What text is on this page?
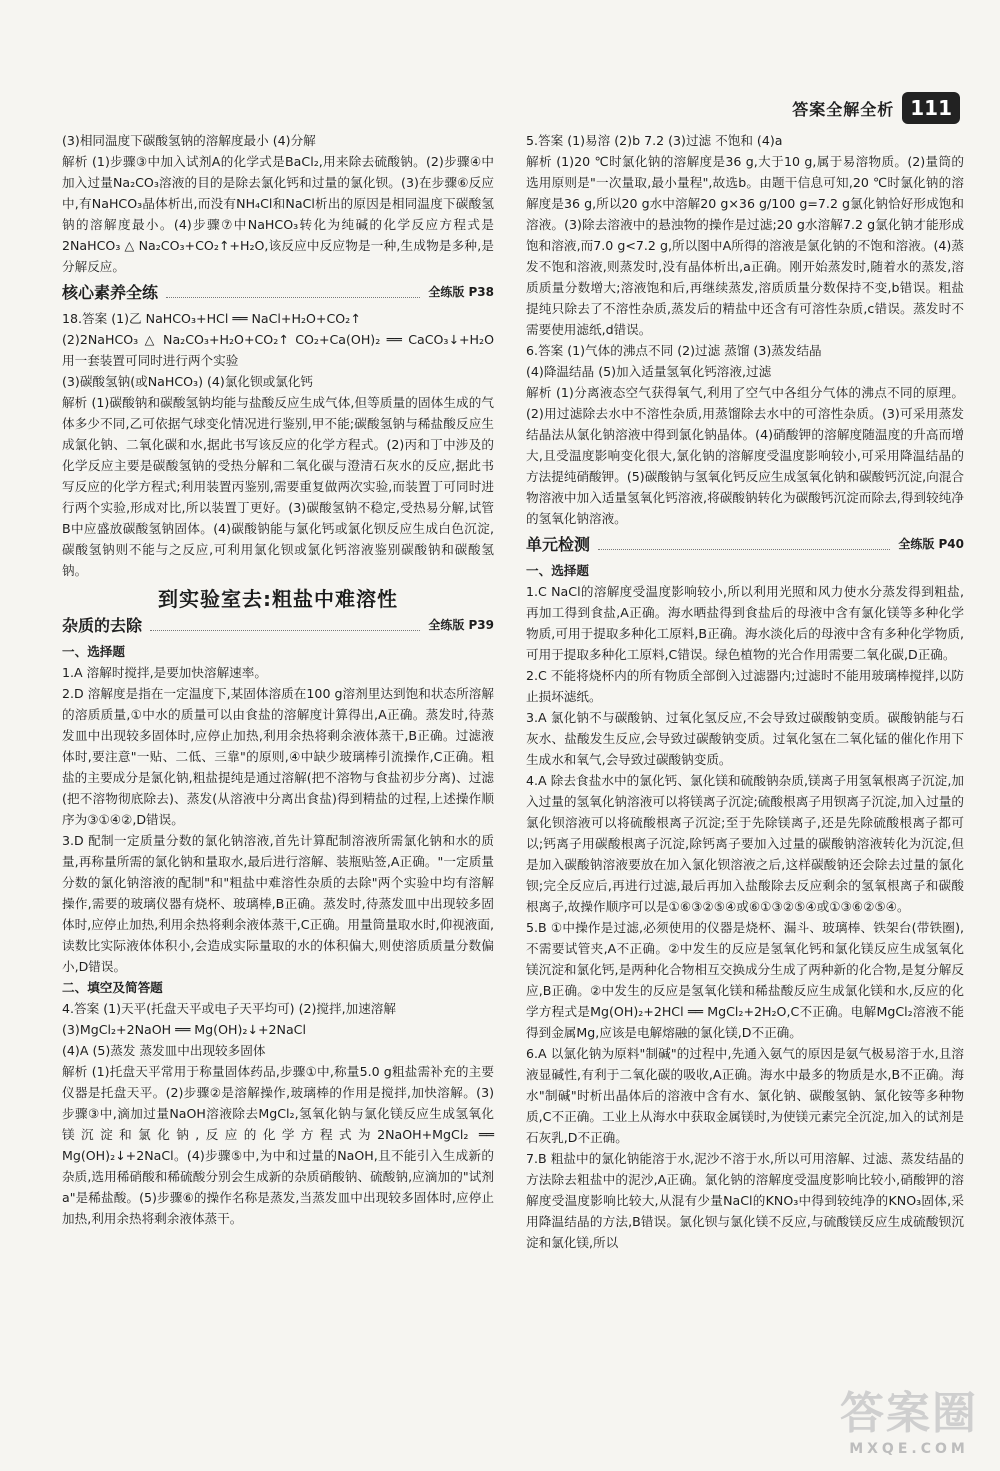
答案全解全析 111

(3)相同温度下碳酸氢钠的溶解度最小 (4)分解

解析 (1)步骤③中加入试剂A的化学式是BaCl₂,用来除去硫酸钠。(2)步骤④中加入过量Na₂CO₃溶液的目的是除去氯化钙和过量的氯化钡。(3)在步骤⑥反应中,有NaHCO₃晶体析出,而没有NH₄Cl和NaCl析出的原因是相同温度下碳酸氢钠的溶解度最小。(4)步骤⑦中NaHCO₃转化为纯碱的化学反应方程式是2NaHCO₃ △ Na₂CO₃+CO₂↑+H₂O,该反应中反应物是一种,生成物是多种,是分解反应。

核心素养全练	全练版 P38

18.答案 (1)乙 NaHCO₃+HCl ══ NaCl+H₂O+CO₂↑

(2)2NaHCO₃ △ Na₂CO₃+H₂O+CO₂↑ CO₂+Ca(OH)₂ ══ CaCO₃↓+H₂O 用一套装置可同时进行两个实验

(3)碳酸氢钠(或NaHCO₃) (4)氯化钡或氯化钙

解析 (1)碳酸钠和碳酸氢钠均能与盐酸反应生成气体,但等质量的固体生成的气体多少不同,乙可依据气球变化情况进行鉴别,甲不能;碳酸氢钠与稀盐酸反应生成氯化钠、二氧化碳和水,据此书写该反应的化学方程式。(2)丙和丁中涉及的化学反应主要是碳酸氢钠的受热分解和二氧化碳与澄清石灰水的反应,据此书写反应的化学方程式;利用装置丙鉴别,需要重复做两次实验,而装置丁可同时进行两个实验,形成对比,所以装置丁更好。(3)碳酸氢钠不稳定,受热易分解,试管B中应盛放碳酸氢钠固体。(4)碳酸钠能与氯化钙或氯化钡反应生成白色沉淀,碳酸氢钠则不能与之反应,可利用氯化钡或氯化钙溶液鉴别碳酸钠和碳酸氢钠。

到实验室去:粗盐中难溶性
杂质的去除	全练版 P39

一、选择题

1.A 溶解时搅拌,是要加快溶解速率。

2.D 溶解度是指在一定温度下,某固体溶质在100 g溶剂里达到饱和状态所溶解的溶质质量,①中水的质量可以由食盐的溶解度计算得出,A正确。蒸发时,待蒸发皿中出现较多固体时,应停止加热,利用余热将剩余液体蒸干,B正确。过滤液体时,要注意"一贴、二低、三靠"的原则,④中缺少玻璃棒引流操作,C正确。粗盐的主要成分是氯化钠,粗盐提纯是通过溶解(把不溶物与食盐初步分离)、过滤(把不溶物彻底除去)、蒸发(从溶液中分离出食盐)得到精盐的过程,上述操作顺序为③①④②,D错误。

3.D 配制一定质量分数的氯化钠溶液,首先计算配制溶液所需氯化钠和水的质量,再称量所需的氯化钠和量取水,最后进行溶解、装瓶贴签,A正确。"一定质量分数的氯化钠溶液的配制"和"粗盐中难溶性杂质的去除"两个实验中均有溶解操作,需要的玻璃仪器有烧杯、玻璃棒,B正确。蒸发时,待蒸发皿中出现较多固体时,应停止加热,利用余热将剩余液体蒸干,C正确。用量筒量取水时,仰视液面,读数比实际液体体积小,会造成实际量取的水的体积偏大,则使溶质质量分数偏小,D错误。

二、填空及简答题

4.答案 (1)天平(托盘天平或电子天平均可) (2)搅拌,加速溶解

(3)MgCl₂+2NaOH ══ Mg(OH)₂↓+2NaCl

(4)A (5)蒸发 蒸发皿中出现较多固体

解析 (1)托盘天平常用于称量固体药品,步骤①中,称量5.0 g粗盐需补充的主要仪器是托盘天平。(2)步骤②是溶解操作,玻璃棒的作用是搅拌,加快溶解。(3)步骤③中,滴加过量NaOH溶液除去MgCl₂,氢氧化钠与氯化镁反应生成氢氧化镁沉淀和氯化钠,反应的化学方程式为2NaOH+MgCl₂ ══ Mg(OH)₂↓+2NaCl。(4)步骤⑤中,为中和过量的NaOH,且不能引入生成新的杂质,选用稀硝酸和稀硫酸分别会生成新的杂质硝酸钠、硫酸钠,应滴加的"试剂a"是稀盐酸。(5)步骤⑥的操作名称是蒸发,当蒸发皿中出现较多固体时,应停止加热,利用余热将剩余液体蒸干。

5.答案 (1)易溶 (2)b 7.2 (3)过滤 不饱和 (4)a

解析 (1)20 ℃时氯化钠的溶解度是36 g,大于10 g,属于易溶物质。(2)量筒的选用原则是"一次量取,最小量程",故选b。由题干信息可知,20 ℃时氯化钠的溶解度是36 g,所以20 g水中溶解20 g×36 g/100 g=7.2 g氯化钠恰好形成饱和溶液。(3)除去溶液中的悬浊物的操作是过滤;20 g水溶解7.2 g氯化钠才能形成饱和溶液,而7.0 g<7.2 g,所以图中A所得的溶液是氯化钠的不饱和溶液。(4)蒸发不饱和溶液,则蒸发时,没有晶体析出,a正确。刚开始蒸发时,随着水的蒸发,溶质质量分数增大;溶液饱和后,再继续蒸发,溶质质量分数保持不变,b错误。粗盐提纯只除去了不溶性杂质,蒸发后的精盐中还含有可溶性杂质,c错误。蒸发时不需要使用滤纸,d错误。

6.答案 (1)气体的沸点不同 (2)过滤 蒸馏 (3)蒸发结晶

(4)降温结晶 (5)加入适量氢氧化钙溶液,过滤

解析 (1)分离液态空气获得氧气,利用了空气中各组分气体的沸点不同的原理。(2)用过滤除去水中不溶性杂质,用蒸馏除去水中的可溶性杂质。(3)可采用蒸发结晶法从氯化钠溶液中得到氯化钠晶体。(4)硝酸钾的溶解度随温度的升高而增大,且受温度影响变化很大,氯化钠的溶解度受温度影响较小,可采用降温结晶的方法提纯硝酸钾。(5)碳酸钠与氢氧化钙反应生成氢氧化钠和碳酸钙沉淀,向混合物溶液中加入适量氢氧化钙溶液,将碳酸钠转化为碳酸钙沉淀而除去,得到较纯净的氢氧化钠溶液。

单元检测	全练版 P40

一、选择题

1.C NaCl的溶解度受温度影响较小,所以利用光照和风力使水分蒸发得到粗盐,再加工得到食盐,A正确。海水晒盐得到食盐后的母液中含有氯化镁等多种化学物质,可用于提取多种化工原料,B正确。海水淡化后的母液中含有多种化学物质,可用于提取多种化工原料,C错误。绿色植物的光合作用需要二氧化碳,D正确。

2.C 不能将烧杯内的所有物质全部倒入过滤器内;过滤时不能用玻璃棒搅拌,以防止损坏滤纸。

3.A 氯化钠不与碳酸钠、过氧化氢反应,不会导致过碳酸钠变质。碳酸钠能与石灰水、盐酸发生反应,会导致过碳酸钠变质。过氧化氢在二氧化锰的催化作用下生成水和氧气,会导致过碳酸钠变质。

4.A 除去食盐水中的氯化钙、氯化镁和硫酸钠杂质,镁离子用氢氧根离子沉淀,加入过量的氢氧化钠溶液可以将镁离子沉淀;硫酸根离子用钡离子沉淀,加入过量的氯化钡溶液可以将硫酸根离子沉淀;至于先除镁离子,还是先除硫酸根离子都可以;钙离子用碳酸根离子沉淀,除钙离子要加入过量的碳酸钠溶液转化为沉淀,但是加入碳酸钠溶液要放在加入氯化钡溶液之后,这样碳酸钠还会除去过量的氯化钡;完全反应后,再进行过滤,最后再加入盐酸除去反应剩余的氢氧根离子和碳酸根离子,故操作顺序可以是①⑥③②⑤④或⑥①③②⑤④或①③⑥②⑤④。

5.B ①中操作是过滤,必须使用的仪器是烧杯、漏斗、玻璃棒、铁架台(带铁圈),不需要试管夹,A不正确。②中发生的反应是氢氧化钙和氯化镁反应生成氢氧化镁沉淀和氯化钙,是两种化合物相互交换成分生成了两种新的化合物,是复分解反应,B正确。②中发生的反应是氢氧化镁和稀盐酸反应生成氯化镁和水,反应的化学方程式是Mg(OH)₂+2HCl ══ MgCl₂+2H₂O,C不正确。电解MgCl₂溶液不能得到金属Mg,应该是电解熔融的氯化镁,D不正确。

6.A 以氯化钠为原料"制碱"的过程中,先通入氨气的原因是氨气极易溶于水,且溶液显碱性,有利于二氧化碳的吸收,A正确。海水中最多的物质是水,B不正确。海水"制碱"时析出晶体后的溶液中含有水、氯化钠、碳酸氢钠、氯化铵等多种物质,C不正确。工业上从海水中获取金属镁时,为使镁元素完全沉淀,加入的试剂是石灰乳,D不正确。

7.B 粗盐中的氯化钠能溶于水,泥沙不溶于水,所以可用溶解、过滤、蒸发结晶的方法除去粗盐中的泥沙,A正确。氯化钠的溶解度受温度影响比较小,硝酸钾的溶解度受温度影响比较大,从混有少量NaCl的KNO₃中得到较纯净的KNO₃固体,采用降温结晶的方法,B错误。氯化钡与氯化镁不反应,与硫酸镁反应生成硫酸钡沉淀和氯化镁,所以

答案圈
MXQE.COM
